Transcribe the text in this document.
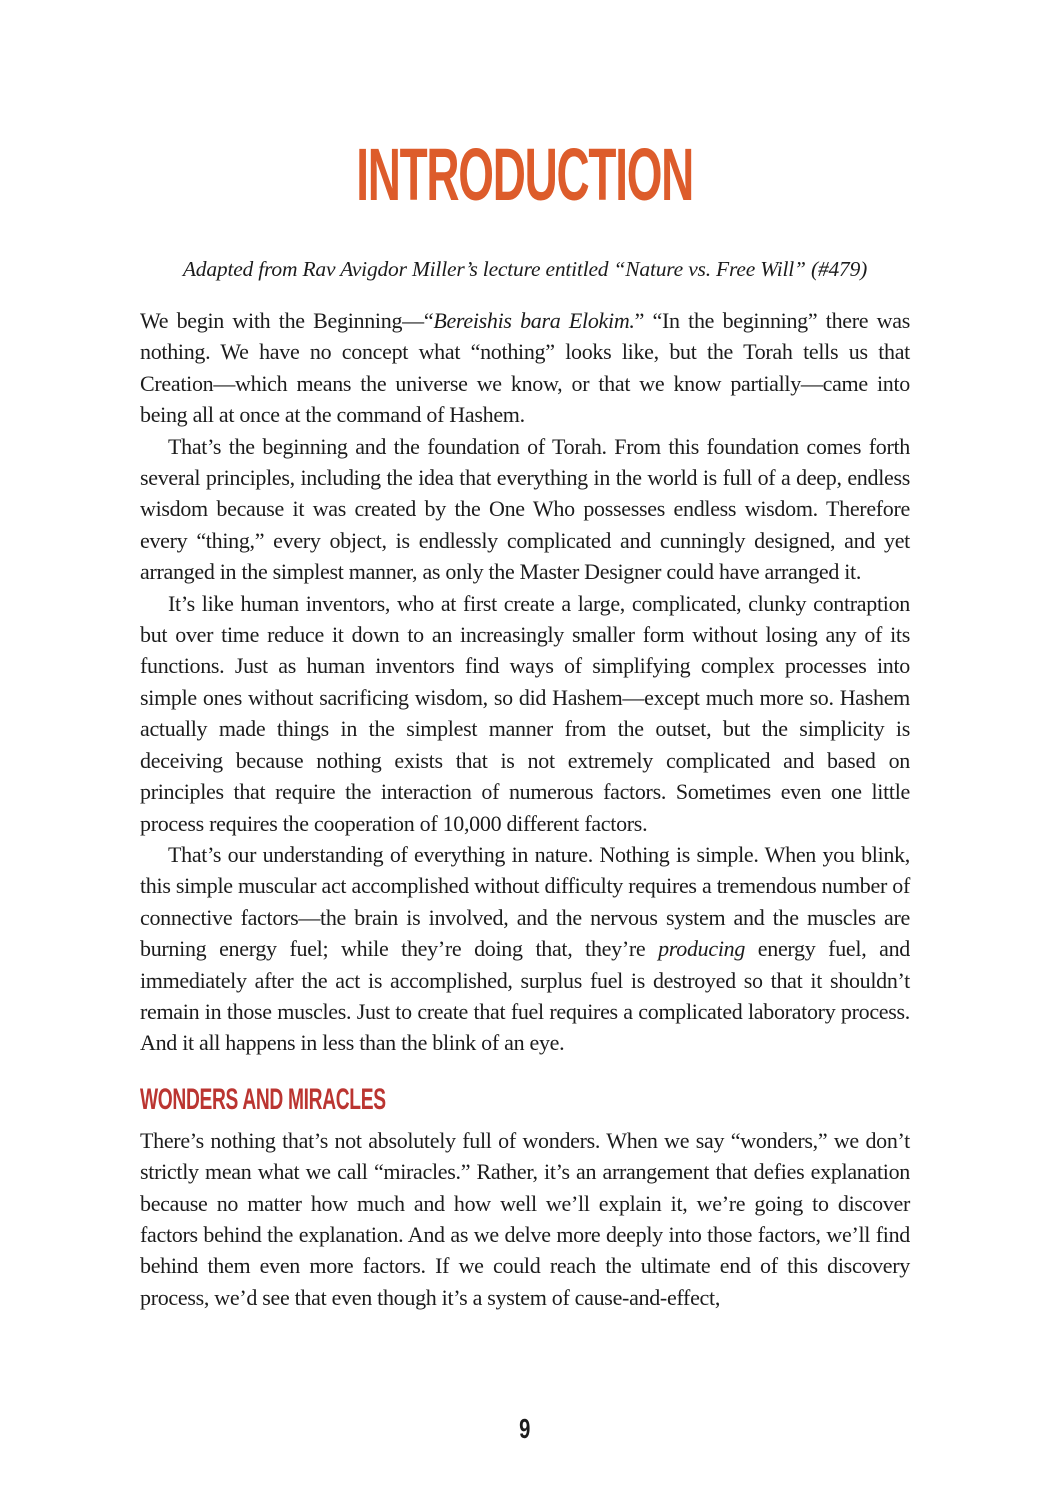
INTRODUCTION

Adapted from Rav Avigdor Miller’s lecture entitled “Nature vs. Free Will” (#479)

We begin with the Beginning—“Bereishis bara Elokim.” “In the beginning” there was nothing. We have no concept what “nothing” looks like, but the Torah tells us that Creation—which means the universe we know, or that we know partially—came into being all at once at the command of Hashem.

That’s the beginning and the foundation of Torah. From this foundation comes forth several principles, including the idea that everything in the world is full of a deep, endless wisdom because it was created by the One Who possesses endless wisdom. Therefore every “thing,” every object, is endlessly complicated and cunningly designed, and yet arranged in the simplest manner, as only the Master Designer could have arranged it.

It’s like human inventors, who at first create a large, complicated, clunky contraption but over time reduce it down to an increasingly smaller form without losing any of its functions. Just as human inventors find ways of simplifying complex processes into simple ones without sacrificing wisdom, so did Hashem—except much more so. Hashem actually made things in the simplest manner from the outset, but the simplicity is deceiving because nothing exists that is not extremely complicated and based on principles that require the interaction of numerous factors. Sometimes even one little process requires the cooperation of 10,000 different factors.

That’s our understanding of everything in nature. Nothing is simple. When you blink, this simple muscular act accomplished without difficulty requires a tremendous number of connective factors—the brain is involved, and the nervous system and the muscles are burning energy fuel; while they’re doing that, they’re producing energy fuel, and immediately after the act is accomplished, surplus fuel is destroyed so that it shouldn’t remain in those muscles. Just to create that fuel requires a complicated laboratory process. And it all happens in less than the blink of an eye.

WONDERS AND MIRACLES

There’s nothing that’s not absolutely full of wonders. When we say “wonders,” we don’t strictly mean what we call “miracles.” Rather, it’s an arrangement that defies explanation because no matter how much and how well we’ll explain it, we’re going to discover factors behind the explanation. And as we delve more deeply into those factors, we’ll find behind them even more factors. If we could reach the ultimate end of this discovery process, we’d see that even though it’s a system of cause-and-effect,

9
